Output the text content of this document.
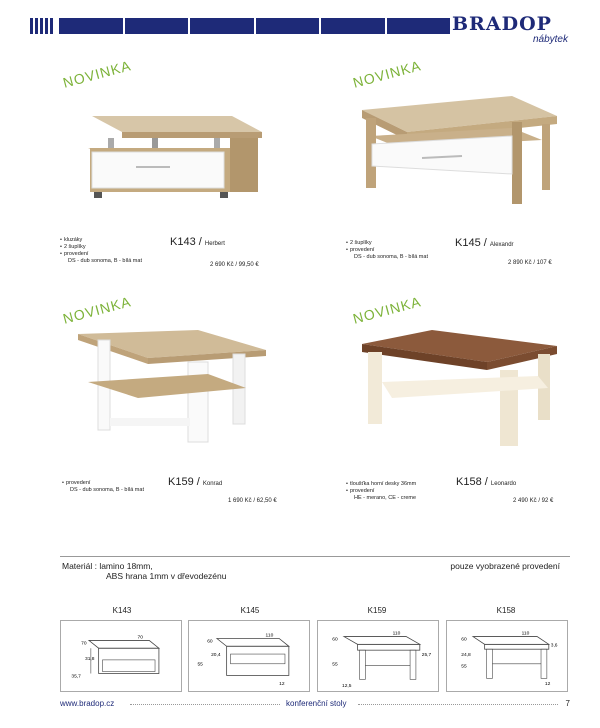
BRADOP
nábytek
NOVINKA	NOVINKA
NOVINKA	NOVINKA
• kluzáky
• 2 šuplíky
• provedení
DS - dub sonoma, B - bílá mat
K143 / Herbert
2 690 Kč / 99,50 €
• 2 šuplíky
• provedení
DS - dub sonoma, B - bílá mat
K145 / Alexandr
2 890 Kč / 107 €
• provedení
DS - dub sonoma, B - bílá mat
K159 / Konrad
1 690 Kč / 62,50 €
• tloušťka horní desky 36mm
• provedení
HE - merano, CE - creme
K158 / Leonardo
2 490 Kč / 92 €
Materiál : lamino 18mm,
ABS hrana 1mm v dřevodezénu
pouze vyobrazené provedení
K143	K145	K159	K158
70
70
31,8
35,7
60
110
20,4
55
12
60
110
55
25,7
12,5
60
110
3,6
24,8
55
12
www.bradop.cz	konferenční stoly	7
